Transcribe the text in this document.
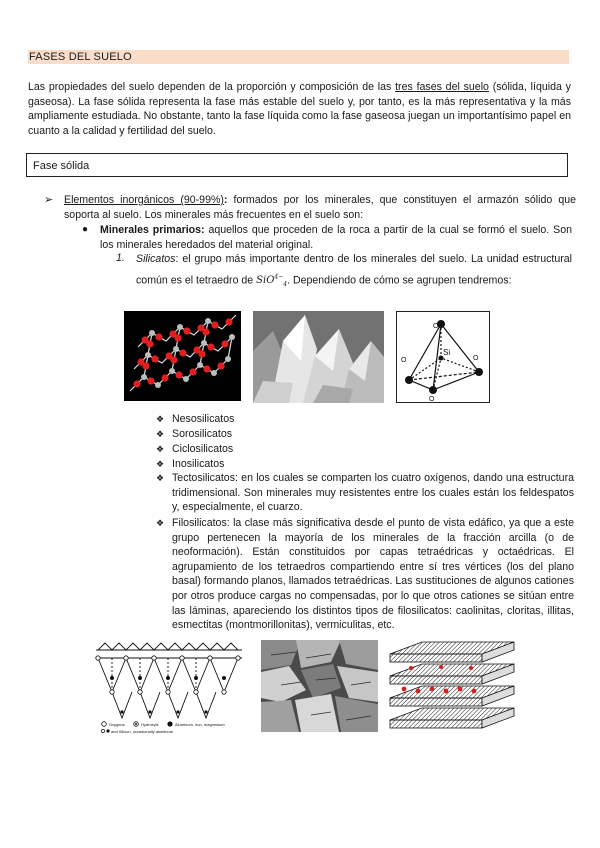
FASES DEL SUELO
Las propiedades del suelo dependen de la proporción y composición de las tres fases del suelo (sólida, líquida y gaseosa). La fase sólida representa la fase más estable del suelo y, por tanto, es la más representativa y la más ampliamente estudiada. No obstante, tanto la fase líquida como la fase gaseosa juegan un importantísimo papel en cuanto a la calidad y fertilidad del suelo.
Fase sólida
➢ Elementos inorgánicos (90-99%): formados por los minerales, que constituyen el armazón sólido que soporta al suelo. Los minerales más frecuentes en el suelo son:
● Minerales primarios: aquellos que proceden de la roca a partir de la cual se formó el suelo. Son los minerales heredados del material original.
1. Silicatos: el grupo más importante dentro de los minerales del suelo. La unidad estructural común es el tetraedro de SiO$^{4-}_4$. Dependiendo de cómo se agrupen tendremos:
Si
O
O	O
O
❖ Nesosilicatos
❖ Sorosilicatos
❖ Ciclosilicatos
❖ Inosilicatos
❖ Tectosilicatos: en los cuales se comparten los cuatro oxígenos, dando una estructura tridimensional. Son minerales muy resistentes entre los cuales están los feldespatos y, especialmente, el cuarzo.
❖ Filosilicatos: la clase más significativa desde el punto de vista edáfico, ya que a este grupo pertenecen la mayoría de los minerales de la fracción arcilla (o de neoformación). Están constituidos por capas tetraédricas y octaédricas. El agrupamiento de los tetraedros compartiendo entre sí tres vértices (los del plano basal) formando planos, llamados tetraédricas. Las sustituciones de algunos cationes por otros produce cargas no compensadas, por lo que otros cationes se sitúan entre las láminas, apareciendo los distintos tipos de filosilicatos: caolinitas, cloritas, illitas, esmectitas (montmorillonitas), vermiculitas, etc.
Oxygens	Hydroxyls	Aluminum, iron, magnesium
and Silicon, occasionally aluminum
